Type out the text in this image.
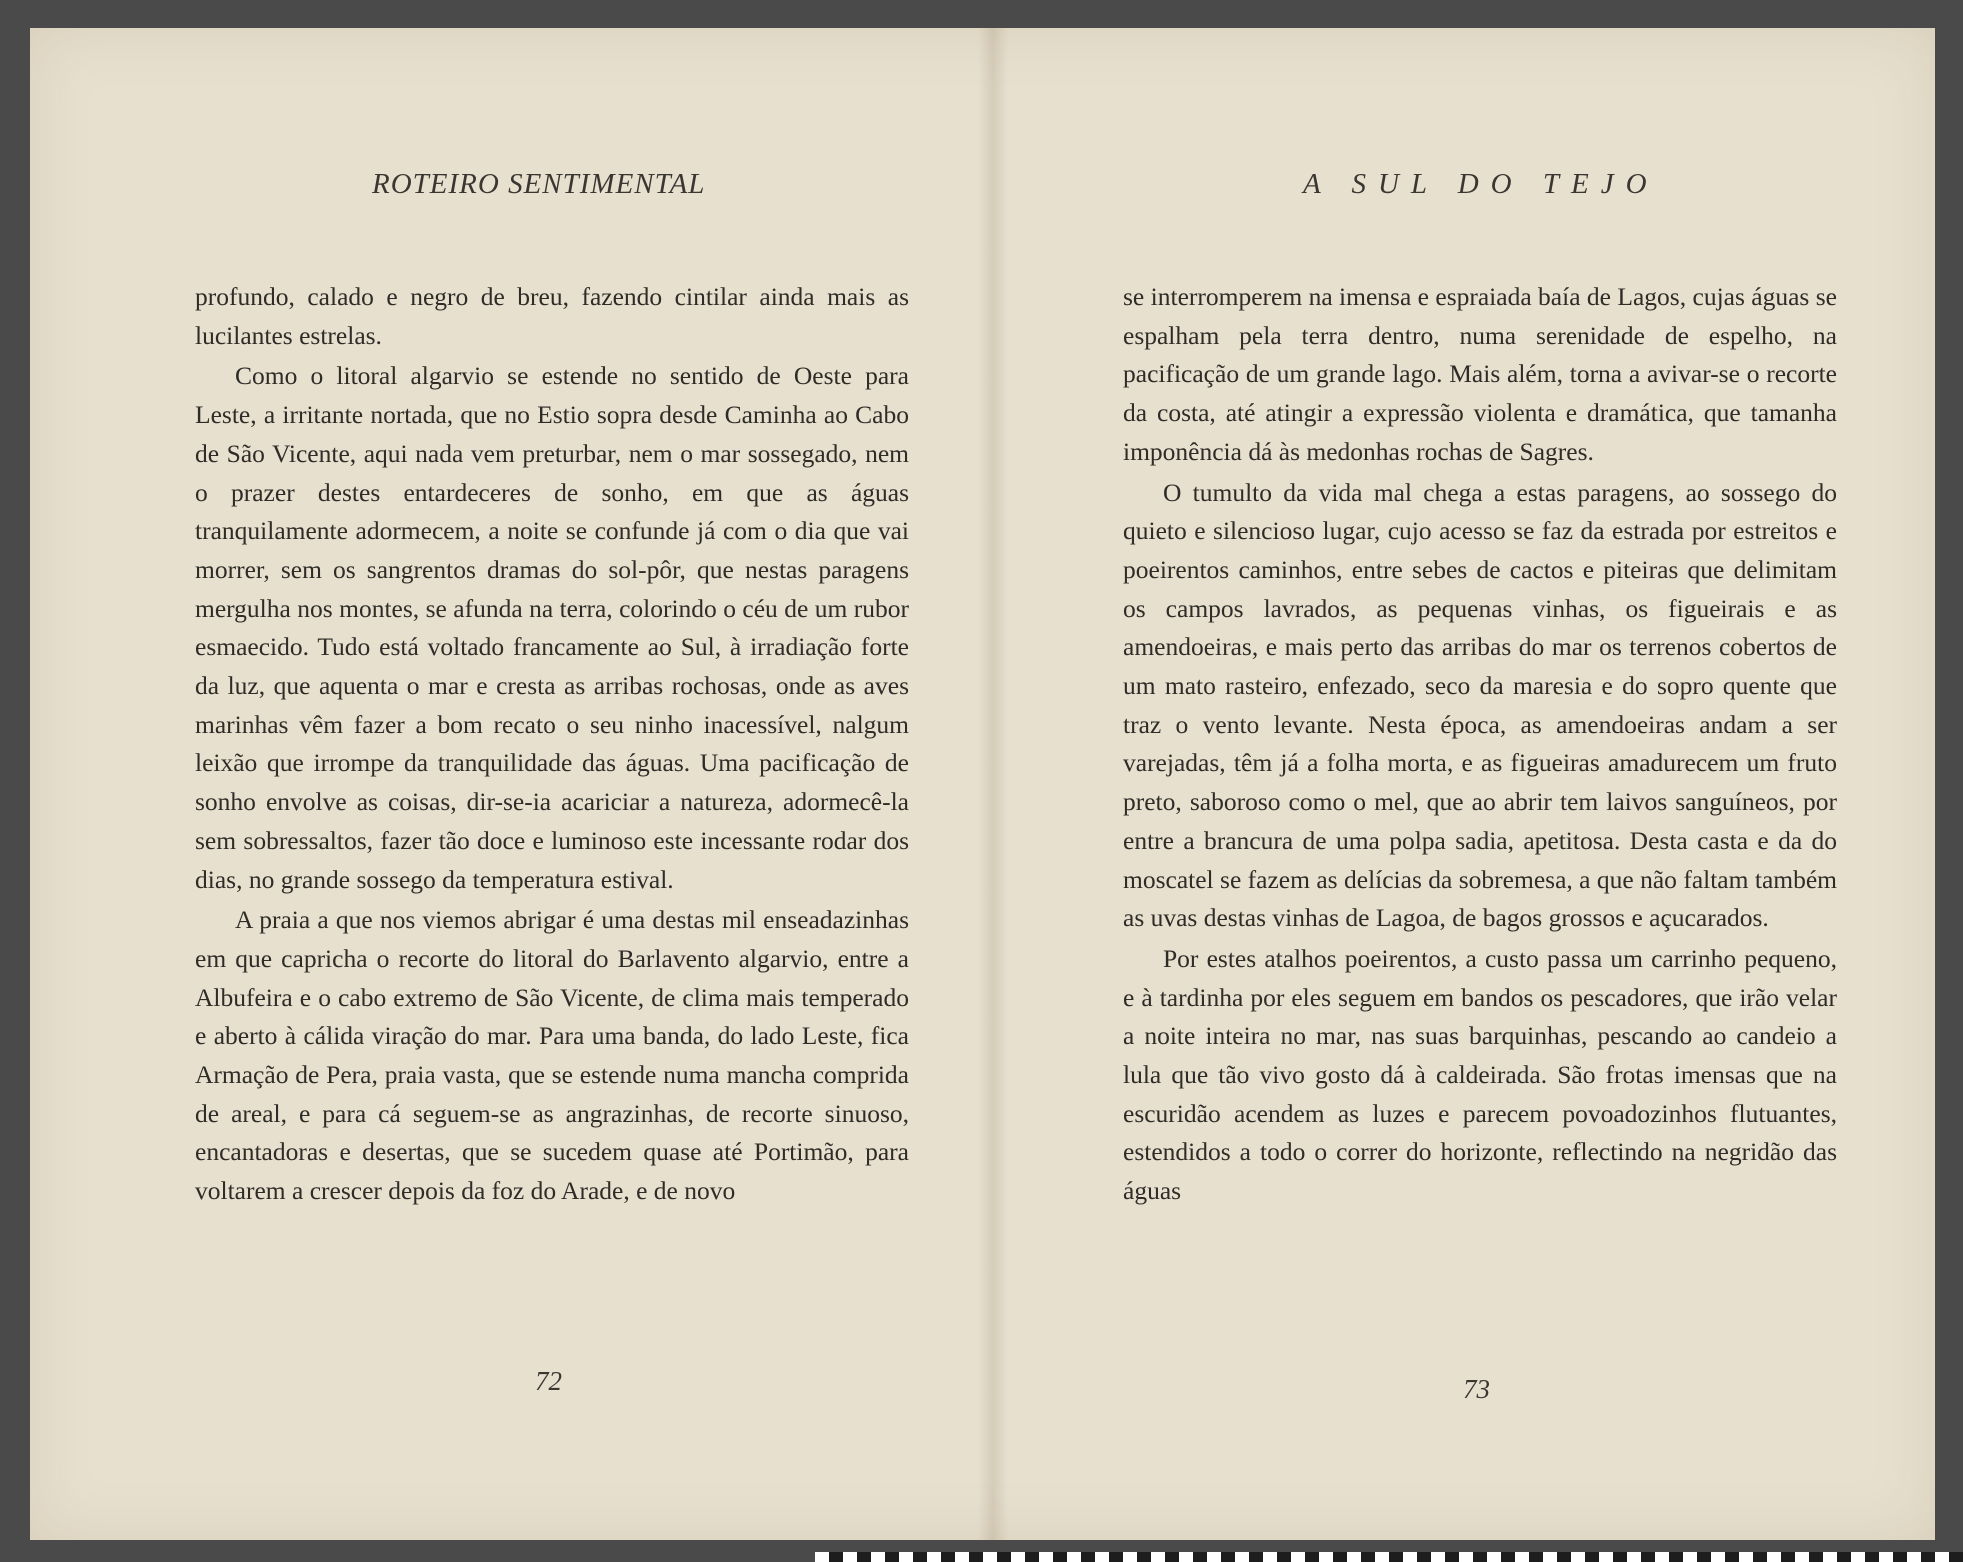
ROTEIRO SENTIMENTAL

profundo, calado e negro de breu, fazendo cintilar ainda mais as lucilantes estrelas.

Como o litoral algarvio se estende no sentido de Oeste para Leste, a irritante nortada, que no Estio sopra desde Caminha ao Cabo de São Vicente, aqui nada vem preturbar, nem o mar sossegado, nem o prazer destes entardeceres de sonho, em que as águas tranquilamente adormecem, a noite se confunde já com o dia que vai morrer, sem os sangrentos dramas do sol-pôr, que nestas paragens mergulha nos montes, se afunda na terra, colorindo o céu de um rubor esmaecido. Tudo está voltado francamente ao Sul, à irradiação forte da luz, que aquenta o mar e cresta as arribas rochosas, onde as aves marinhas vêm fazer a bom recato o seu ninho inacessível, nalgum leixão que irrompe da tranquilidade das águas. Uma pacificação de sonho envolve as coisas, dir-se-ia acariciar a natureza, adormecê-la sem sobressaltos, fazer tão doce e luminoso este incessante rodar dos dias, no grande sossego da temperatura estival.

A praia a que nos viemos abrigar é uma destas mil enseadazinhas em que capricha o recorte do litoral do Barlavento algarvio, entre a Albufeira e o cabo extremo de São Vicente, de clima mais temperado e aberto à cálida viração do mar. Para uma banda, do lado Leste, fica Armação de Pera, praia vasta, que se estende numa mancha comprida de areal, e para cá seguem-se as angrazinhas, de recorte sinuoso, encantadoras e desertas, que se sucedem quase até Portimão, para voltarem a crescer depois da foz do Arade, e de novo

72
A SUL DO TEJO

se interromperem na imensa e espraiada baía de Lagos, cujas águas se espalham pela terra dentro, numa serenidade de espelho, na pacificação de um grande lago. Mais além, torna a avivar-se o recorte da costa, até atingir a expressão violenta e dramática, que tamanha imponência dá às medonhas rochas de Sagres.

O tumulto da vida mal chega a estas paragens, ao sossego do quieto e silencioso lugar, cujo acesso se faz da estrada por estreitos e poeirentos caminhos, entre sebes de cactos e piteiras que delimitam os campos lavrados, as pequenas vinhas, os figueirais e as amendoeiras, e mais perto das arribas do mar os terrenos cobertos de um mato rasteiro, enfezado, seco da maresia e do sopro quente que traz o vento levante. Nesta época, as amendoeiras andam a ser varejadas, têm já a folha morta, e as figueiras amadurecem um fruto preto, saboroso como o mel, que ao abrir tem laivos sanguíneos, por entre a brancura de uma polpa sadia, apetitosa. Desta casta e da do moscatel se fazem as delícias da sobremesa, a que não faltam também as uvas destas vinhas de Lagoa, de bagos grossos e açucarados.

Por estes atalhos poeirentos, a custo passa um carrinho pequeno, e à tardinha por eles seguem em bandos os pescadores, que irão velar a noite inteira no mar, nas suas barquinhas, pescando ao candeio a lula que tão vivo gosto dá à caldeirada. São frotas imensas que na escuridão acendem as luzes e parecem povoadozinhos flutuantes, estendidos a todo o correr do horizonte, reflectindo na negridão das águas

73
